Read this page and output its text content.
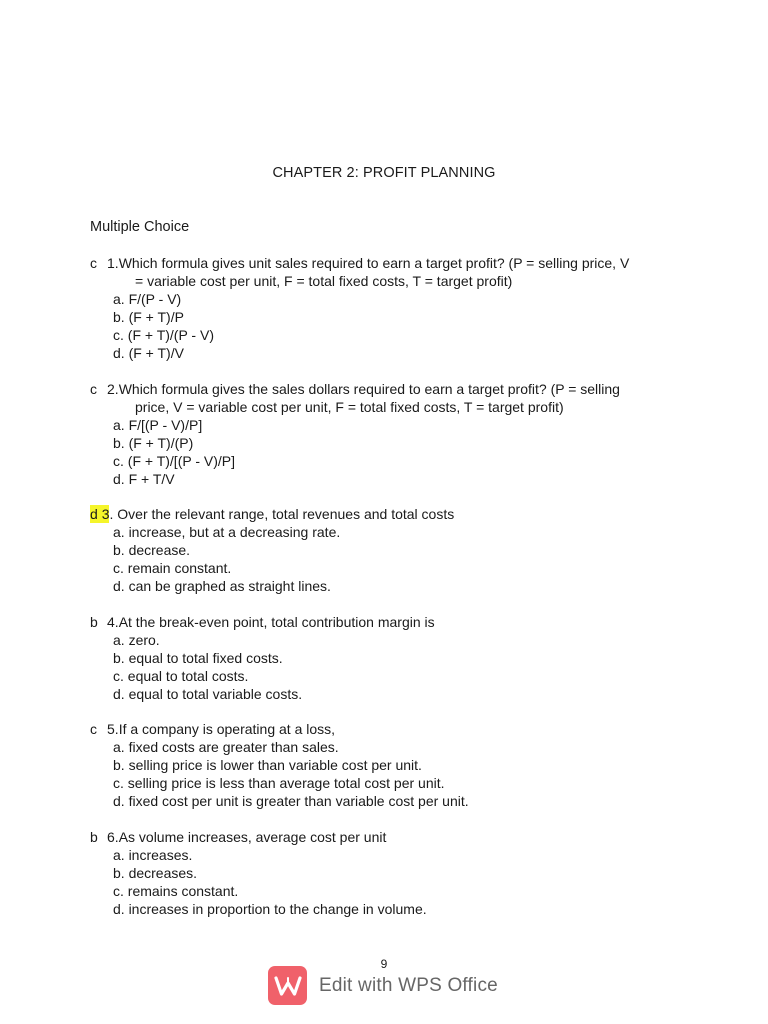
CHAPTER 2: PROFIT PLANNING
Multiple Choice
c 1. Which formula gives unit sales required to earn a target profit? (P = selling price, V
= variable cost per unit, F = total fixed costs, T = target profit)
a. F/(P - V)
b. (F + T)/P
c. (F + T)/(P - V)
d. (F + T)/V
c 2. Which formula gives the sales dollars required to earn a target profit? (P = selling
price, V = variable cost per unit, F = total fixed costs, T = target profit)
a. F/[(P - V)/P]
b. (F + T)/(P)
c. (F + T)/[(P - V)/P]
d. F + T/V
d 3 . Over the relevant range, total revenues and total costs
a. increase, but at a decreasing rate.
b. decrease.
c. remain constant.
d. can be graphed as straight lines.
b 4. At the break-even point, total contribution margin is
a. zero.
b. equal to total fixed costs.
c. equal to total costs.
d. equal to total variable costs.
c 5. If a company is operating at a loss,
a. fixed costs are greater than sales.
b. selling price is lower than variable cost per unit.
c. selling price is less than average total cost per unit.
d. fixed cost per unit is greater than variable cost per unit.
b 6. As volume increases, average cost per unit
a. increases.
b. decreases.
c. remains constant.
d. increases in proportion to the change in volume.
9
Edit with WPS Office
